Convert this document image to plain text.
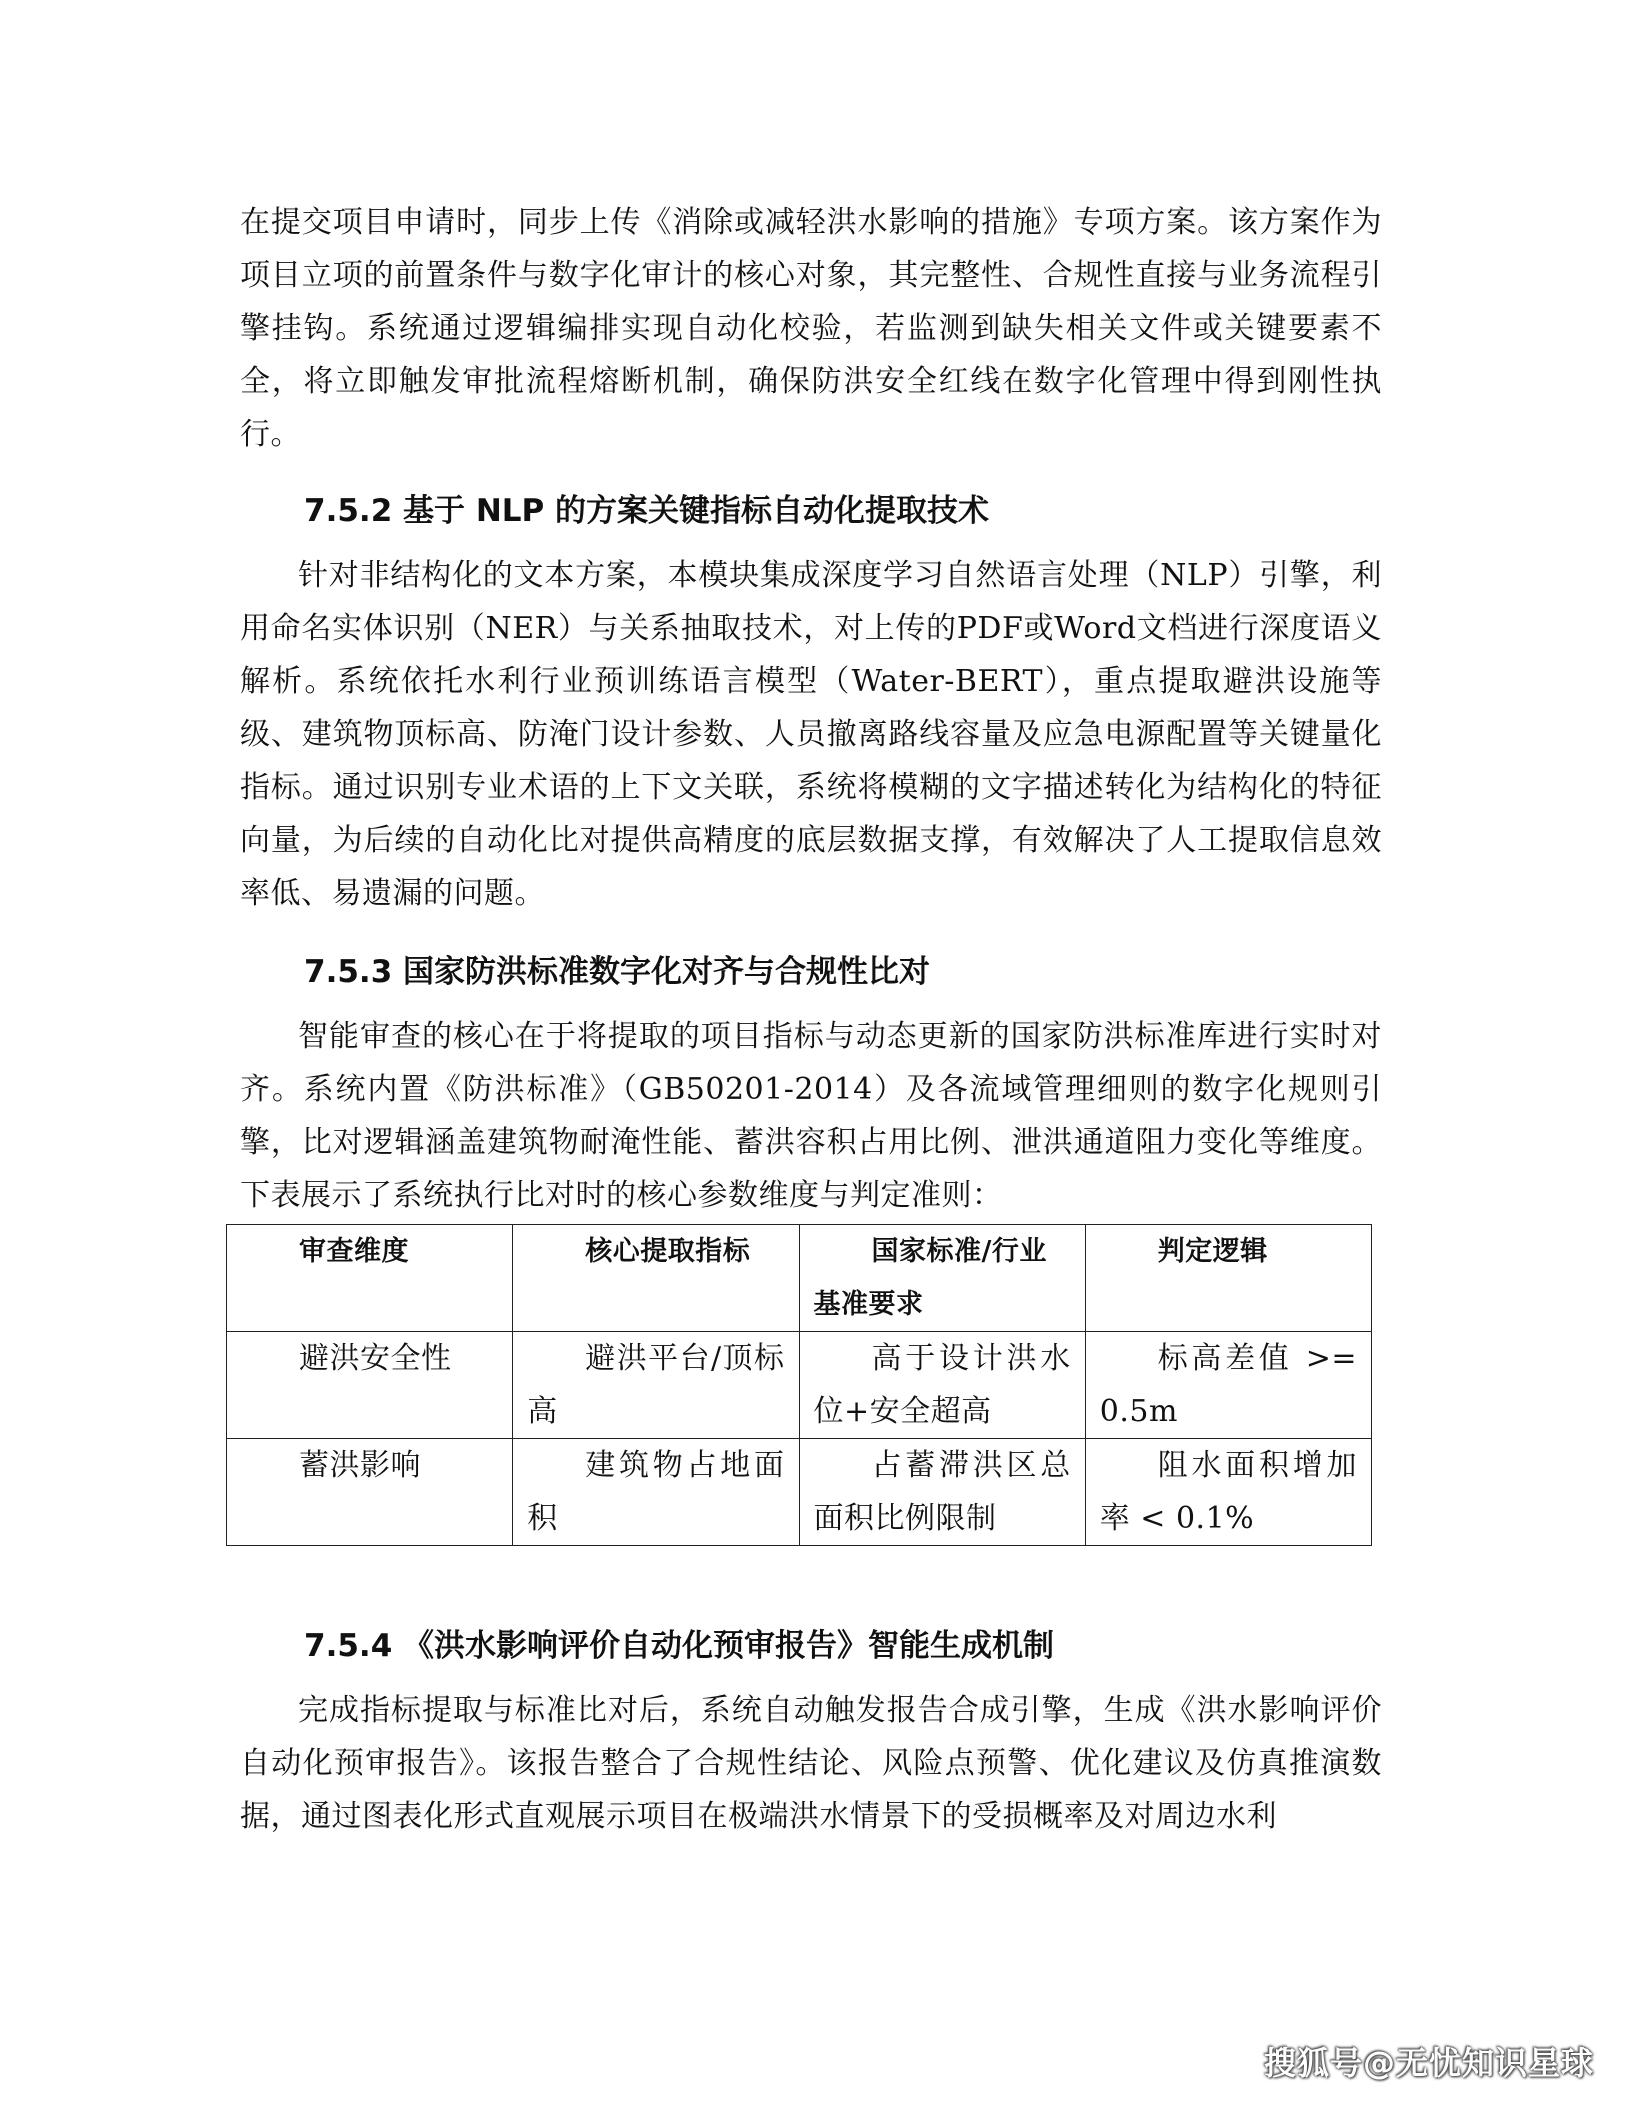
在提交项目申请时，同步上传《消除或减轻洪水影响的措施》专项方案。该方案作为项目立项的前置条件与数字化审计的核心对象，其完整性、合规性直接与业务流程引擎挂钩。系统通过逻辑编排实现自动化校验，若监测到缺失相关文件或关键要素不全，将立即触发审批流程熔断机制，确保防洪安全红线在数字化管理中得到刚性执行。

7.5.2 基于 NLP 的方案关键指标自动化提取技术

针对非结构化的文本方案，本模块集成深度学习自然语言处理（NLP）引擎，利用命名实体识别（NER）与关系抽取技术，对上传的PDF或Word文档进行深度语义解析。系统依托水利行业预训练语言模型（Water-BERT），重点提取避洪设施等级、建筑物顶标高、防淹门设计参数、人员撤离路线容量及应急电源配置等关键量化指标。通过识别专业术语的上下文关联，系统将模糊的文字描述转化为结构化的特征向量，为后续的自动化比对提供高精度的底层数据支撑，有效解决了人工提取信息效率低、易遗漏的问题。

7.5.3 国家防洪标准数字化对齐与合规性比对

智能审查的核心在于将提取的项目指标与动态更新的国家防洪标准库进行实时对齐。系统内置《防洪标准》（GB50201-2014）及各流域管理细则的数字化规则引擎，比对逻辑涵盖建筑物耐淹性能、蓄洪容积占用比例、泄洪通道阻力变化等维度。下表展示了系统执行比对时的核心参数维度与判定准则：

审查维度	核心提取指标	国家标准/行业基准要求	判定逻辑

避洪安全性	避洪平台/顶标高	高于设计洪水位+安全超高	标高差值 >= 0.5m

蓄洪影响	建筑物占地面积	占蓄滞洪区总面积比例限制	阻水面积增加率 < 0.1%
7.5.4 《洪水影响评价自动化预审报告》智能生成机制

完成指标提取与标准比对后，系统自动触发报告合成引擎，生成《洪水影响评价自动化预审报告》。该报告整合了合规性结论、风险点预警、优化建议及仿真推演数据，通过图表化形式直观展示项目在极端洪水情景下的受损概率及对周边水利

搜狐号@无忧知识星球
